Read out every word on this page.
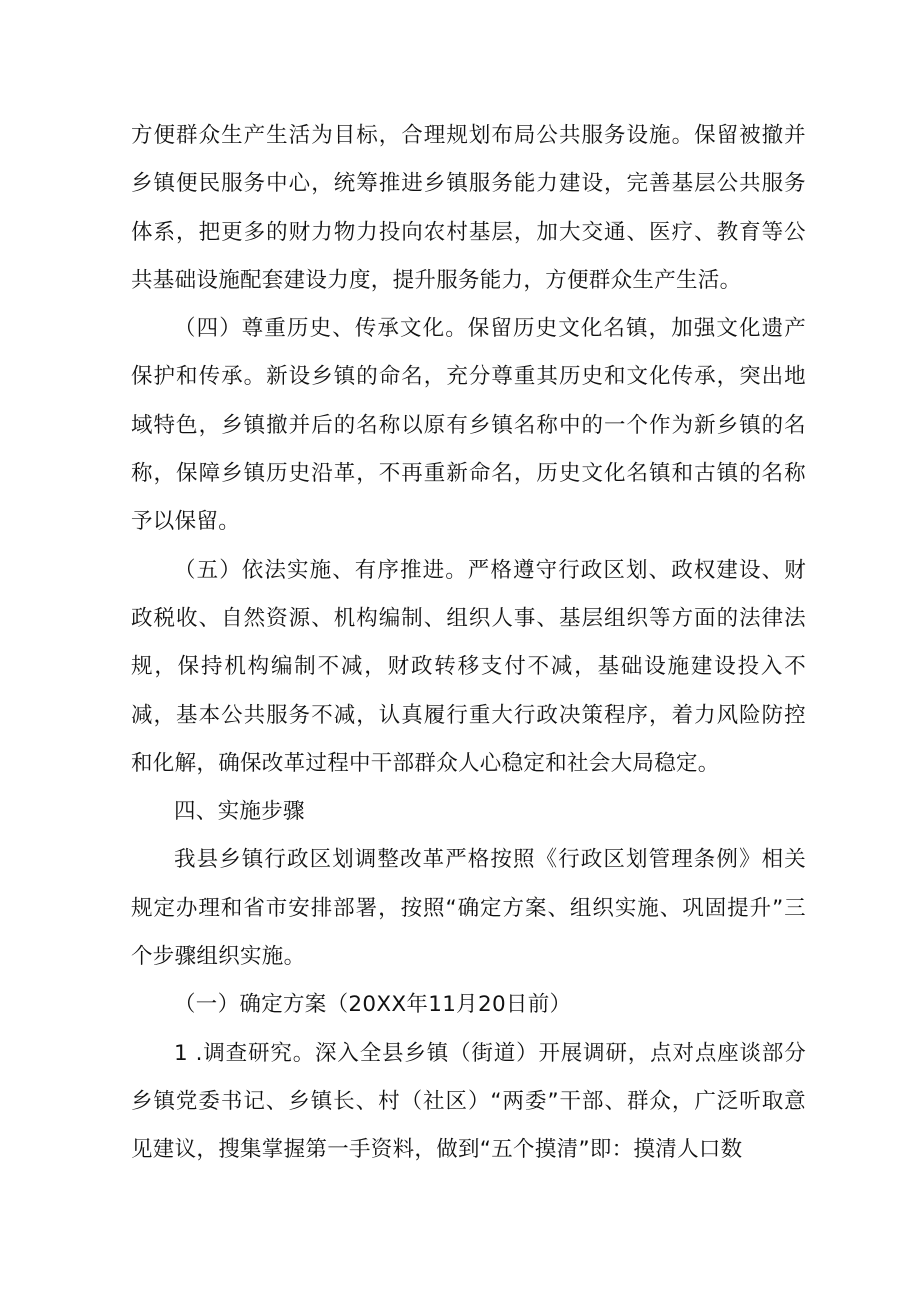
方便群众生产生活为目标，合理规划布局公共服务设施。保留被撤并乡镇便民服务中心，统筹推进乡镇服务能力建设，完善基层公共服务体系，把更多的财力物力投向农村基层，加大交通、医疗、教育等公共基础设施配套建设力度，提升服务能力，方便群众生产生活。

（四）尊重历史、传承文化。保留历史文化名镇，加强文化遗产保护和传承。新设乡镇的命名，充分尊重其历史和文化传承，突出地域特色，乡镇撤并后的名称以原有乡镇名称中的一个作为新乡镇的名称，保障乡镇历史沿革，不再重新命名，历史文化名镇和古镇的名称予以保留。

（五）依法实施、有序推进。严格遵守行政区划、政权建设、财政税收、自然资源、机构编制、组织人事、基层组织等方面的法律法规，保持机构编制不减，财政转移支付不减，基础设施建设投入不减，基本公共服务不减，认真履行重大行政决策程序，着力风险防控和化解，确保改革过程中干部群众人心稳定和社会大局稳定。

四、实施步骤

我县乡镇行政区划调整改革严格按照《行政区划管理条例》相关规定办理和省市安排部署，按照“确定方案、组织实施、巩固提升”三个步骤组织实施。

（一）确定方案（20XX年11月20日前）

1 .调查研究。深入全县乡镇（街道）开展调研，点对点座谈部分乡镇党委书记、乡镇长、村（社区）“两委”干部、群众，广泛听取意见建议，搜集掌握第一手资料，做到“五个摸清”即：摸清人口数
